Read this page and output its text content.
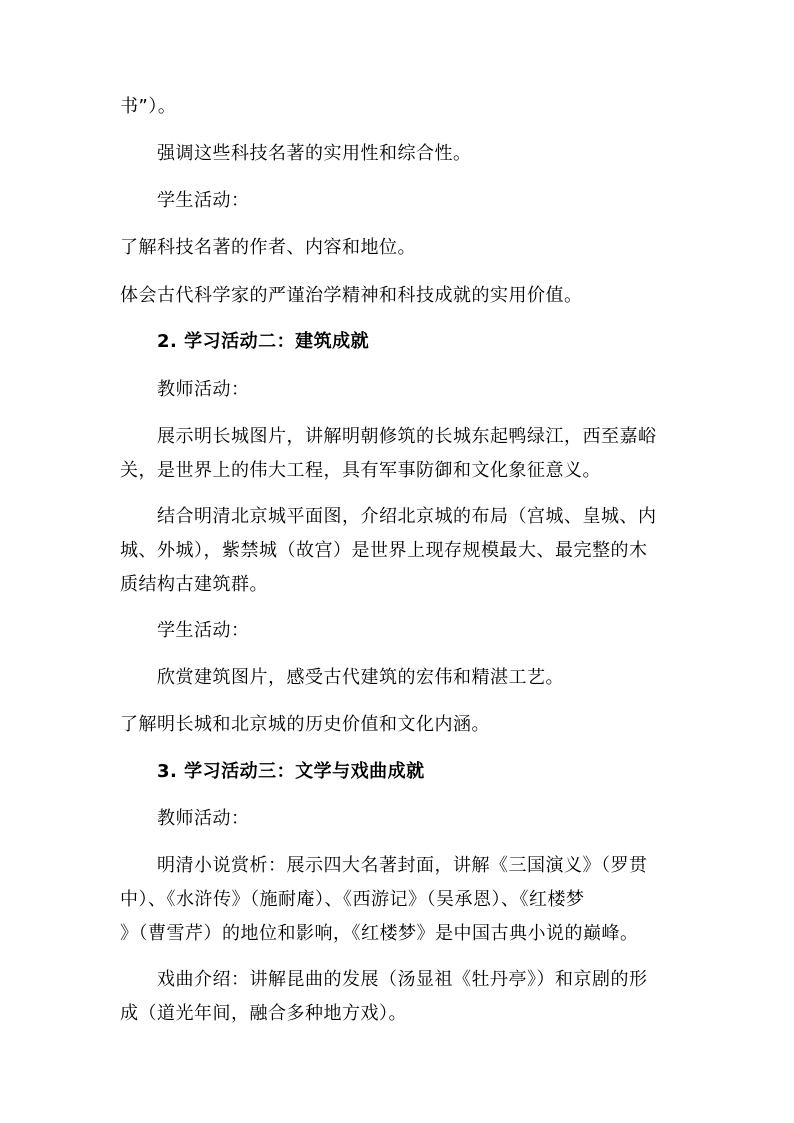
书”）。
强调这些科技名著的实用性和综合性。
学生活动：
了解科技名著的作者、内容和地位。
体会古代科学家的严谨治学精神和科技成就的实用价值。
2. 学习活动二：建筑成就
教师活动：
展示明长城图片，讲解明朝修筑的长城东起鸭绿江，西至嘉峪
关，是世界上的伟大工程，具有军事防御和文化象征意义。
结合明清北京城平面图，介绍北京城的布局（宫城、皇城、内
城、外城），紫禁城（故宫）是世界上现存规模最大、最完整的木
质结构古建筑群。
学生活动：
欣赏建筑图片，感受古代建筑的宏伟和精湛工艺。
了解明长城和北京城的历史价值和文化内涵。
3. 学习活动三：文学与戏曲成就
教师活动：
明清小说赏析：展示四大名著封面，讲解《三国演义》（罗贯
中）、《水浒传》（施耐庵）、《西游记》（吴承恩）、《红楼梦
》（曹雪芹）的地位和影响，《红楼梦》是中国古典小说的巅峰。
戏曲介绍：讲解昆曲的发展（汤显祖《牡丹亭》）和京剧的形
成（道光年间，融合多种地方戏）。
